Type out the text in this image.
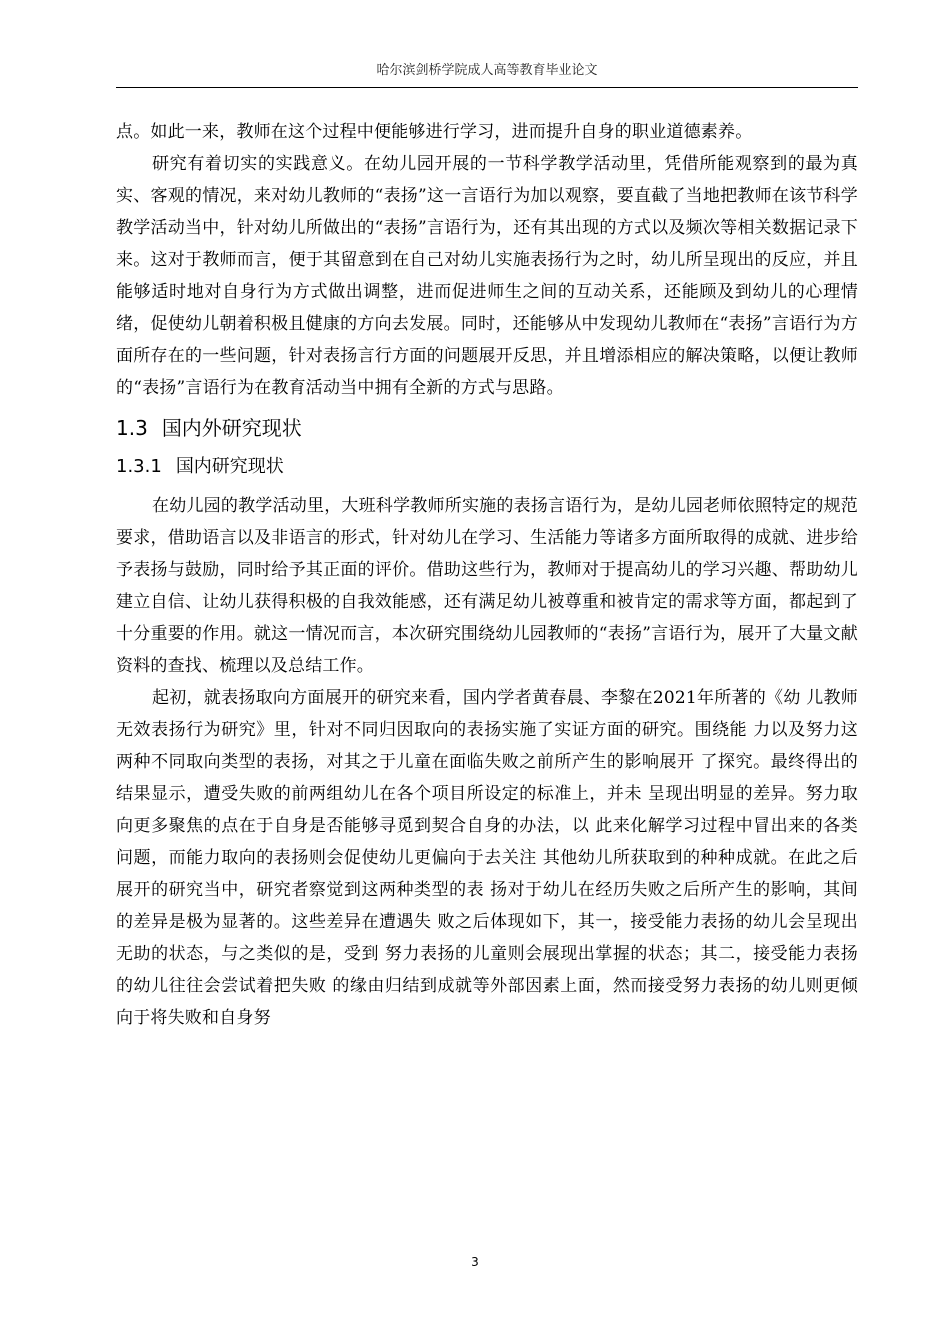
哈尔滨剑桥学院成人高等教育毕业论文

点。如此一来，教师在这个过程中便能够进行学习，进而提升自身的职业道德素养。

研究有着切实的实践意义。在幼儿园开展的一节科学教学活动里，凭借所能观察到的最为真实、客观的情况，来对幼儿教师的“表扬”这一言语行为加以观察，要直截了当地把教师在该节科学教学活动当中，针对幼儿所做出的“表扬”言语行为，还有其出现的方式以及频次等相关数据记录下来。这对于教师而言，便于其留意到在自己对幼儿实施表扬行为之时，幼儿所呈现出的反应，并且能够适时地对自身行为方式做出调整，进而促进师生之间的互动关系，还能顾及到幼儿的心理情绪，促使幼儿朝着积极且健康的方向去发展。同时，还能够从中发现幼儿教师在“表扬”言语行为方面所存在的一些问题，针对表扬言行方面的问题展开反思，并且增添相应的解决策略，以便让教师的“表扬”言语行为在教育活动当中拥有全新的方式与思路。

1.3 国内外研究现状
1.3.1 国内研究现状

在幼儿园的教学活动里，大班科学教师所实施的表扬言语行为，是幼儿园老师依照特定的规范要求，借助语言以及非语言的形式，针对幼儿在学习、生活能力等诸多方面所取得的成就、进步给予表扬与鼓励，同时给予其正面的评价。借助这些行为，教师对于提高幼儿的学习兴趣、帮助幼儿建立自信、让幼儿获得积极的自我效能感，还有满足幼儿被尊重和被肯定的需求等方面，都起到了十分重要的作用。就这一情况而言，本次研究围绕幼儿园教师的“表扬”言语行为，展开了大量文献资料的查找、梳理以及总结工作。

起初，就表扬取向方面展开的研究来看，国内学者黄春晨、李黎在2021年所著的《幼 儿教师无效表扬行为研究》里，针对不同归因取向的表扬实施了实证方面的研究。围绕能 力以及努力这两种不同取向类型的表扬，对其之于儿童在面临失败之前所产生的影响展开 了探究。最终得出的结果显示，遭受失败的前两组幼儿在各个项目所设定的标准上，并未 呈现出明显的差异。努力取向更多聚焦的点在于自身是否能够寻觅到契合自身的办法，以 此来化解学习过程中冒出来的各类问题，而能力取向的表扬则会促使幼儿更偏向于去关注 其他幼儿所获取到的种种成就。在此之后展开的研究当中，研究者察觉到这两种类型的表 扬对于幼儿在经历失败之后所产生的影响，其间的差异是极为显著的。这些差异在遭遇失 败之后体现如下，其一，接受能力表扬的幼儿会呈现出无助的状态，与之类似的是，受到 努力表扬的儿童则会展现出掌握的状态；其二，接受能力表扬的幼儿往往会尝试着把失败 的缘由归结到成就等外部因素上面，然而接受努力表扬的幼儿则更倾向于将失败和自身努

3
